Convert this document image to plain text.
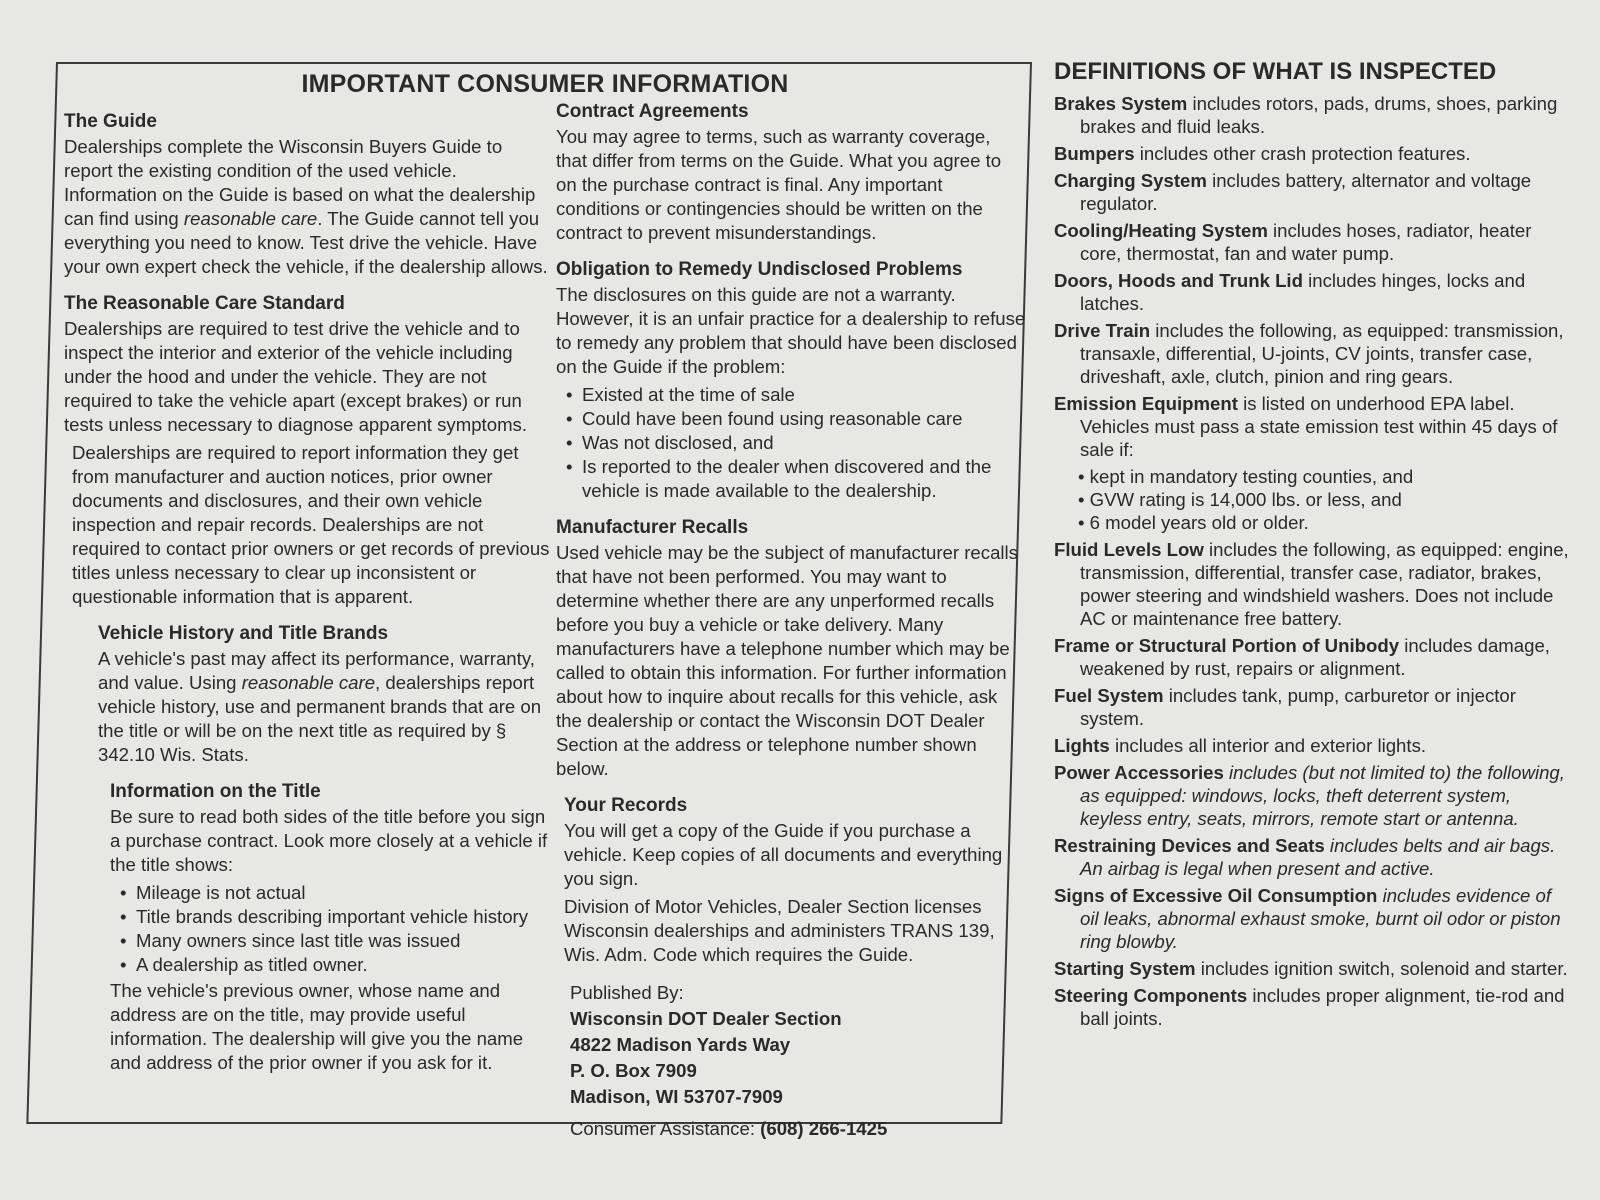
IMPORTANT CONSUMER INFORMATION
The Guide
Dealerships complete the Wisconsin Buyers Guide to report the existing condition of the used vehicle. Information on the Guide is based on what the dealership can find using reasonable care. The Guide cannot tell you everything you need to know. Test drive the vehicle. Have your own expert check the vehicle, if the dealership allows.
The Reasonable Care Standard
Dealerships are required to test drive the vehicle and to inspect the interior and exterior of the vehicle including under the hood and under the vehicle. They are not required to take the vehicle apart (except brakes) or run tests unless necessary to diagnose apparent symptoms.
Dealerships are required to report information they get from manufacturer and auction notices, prior owner documents and disclosures, and their own vehicle inspection and repair records. Dealerships are not required to contact prior owners or get records of previous titles unless necessary to clear up inconsistent or questionable information that is apparent.
Vehicle History and Title Brands
A vehicle's past may affect its performance, warranty, and value. Using reasonable care, dealerships report vehicle history, use and permanent brands that are on the title or will be on the next title as required by § 342.10 Wis. Stats.
Information on the Title
Be sure to read both sides of the title before you sign a purchase contract. Look more closely at a vehicle if the title shows:
• Mileage is not actual
• Title brands describing important vehicle history
• Many owners since last title was issued
• A dealership as titled owner.
The vehicle's previous owner, whose name and address are on the title, may provide useful information. The dealership will give you the name and address of the prior owner if you ask for it.
Contract Agreements
You may agree to terms, such as warranty coverage, that differ from terms on the Guide. What you agree to on the purchase contract is final. Any important conditions or contingencies should be written on the contract to prevent misunderstandings.
Obligation to Remedy Undisclosed Problems
The disclosures on this guide are not a warranty. However, it is an unfair practice for a dealership to refuse to remedy any problem that should have been disclosed on the Guide if the problem:
• Existed at the time of sale
• Could have been found using reasonable care
• Was not disclosed, and
• Is reported to the dealer when discovered and the vehicle is made available to the dealership.
Manufacturer Recalls
Used vehicle may be the subject of manufacturer recalls that have not been performed. You may want to determine whether there are any unperformed recalls before you buy a vehicle or take delivery. Many manufacturers have a telephone number which may be called to obtain this information. For further information about how to inquire about recalls for this vehicle, ask the dealership or contact the Wisconsin DOT Dealer Section at the address or telephone number shown below.
Your Records
You will get a copy of the Guide if you purchase a vehicle. Keep copies of all documents and everything you sign.
Division of Motor Vehicles, Dealer Section licenses Wisconsin dealerships and administers TRANS 139, Wis. Adm. Code which requires the Guide.
Published By:
Wisconsin DOT Dealer Section
4822 Madison Yards Way
P. O. Box 7909
Madison, WI 53707-7909
Consumer Assistance: (608) 266-1425
DEFINITIONS OF WHAT IS INSPECTED
Brakes System includes rotors, pads, drums, shoes, parking brakes and fluid leaks.
Bumpers includes other crash protection features.
Charging System includes battery, alternator and voltage regulator.
Cooling/Heating System includes hoses, radiator, heater core, thermostat, fan and water pump.
Doors, Hoods and Trunk Lid includes hinges, locks and latches.
Drive Train includes the following, as equipped: transmission, transaxle, differential, U-joints, CV joints, transfer case, driveshaft, axle, clutch, pinion and ring gears.
Emission Equipment is listed on underhood EPA label. Vehicles must pass a state emission test within 45 days of sale if:
• kept in mandatory testing counties, and
• GVW rating is 14,000 lbs. or less, and
• 6 model years old or older.
Fluid Levels Low includes the following, as equipped: engine, transmission, differential, transfer case, radiator, brakes, power steering and windshield washers. Does not include AC or maintenance free battery.
Frame or Structural Portion of Unibody includes damage, weakened by rust, repairs or alignment.
Fuel System includes tank, pump, carburetor or injector system.
Lights includes all interior and exterior lights.
Power Accessories includes (but not limited to) the following, as equipped: windows, locks, theft deterrent system, keyless entry, seats, mirrors, remote start or antenna.
Restraining Devices and Seats includes belts and air bags. An airbag is legal when present and active.
Signs of Excessive Oil Consumption includes evidence of oil leaks, abnormal exhaust smoke, burnt oil odor or piston ring blowby.
Starting System includes ignition switch, solenoid and starter.
Steering Components includes proper alignment, tie-rod and ball joints.
